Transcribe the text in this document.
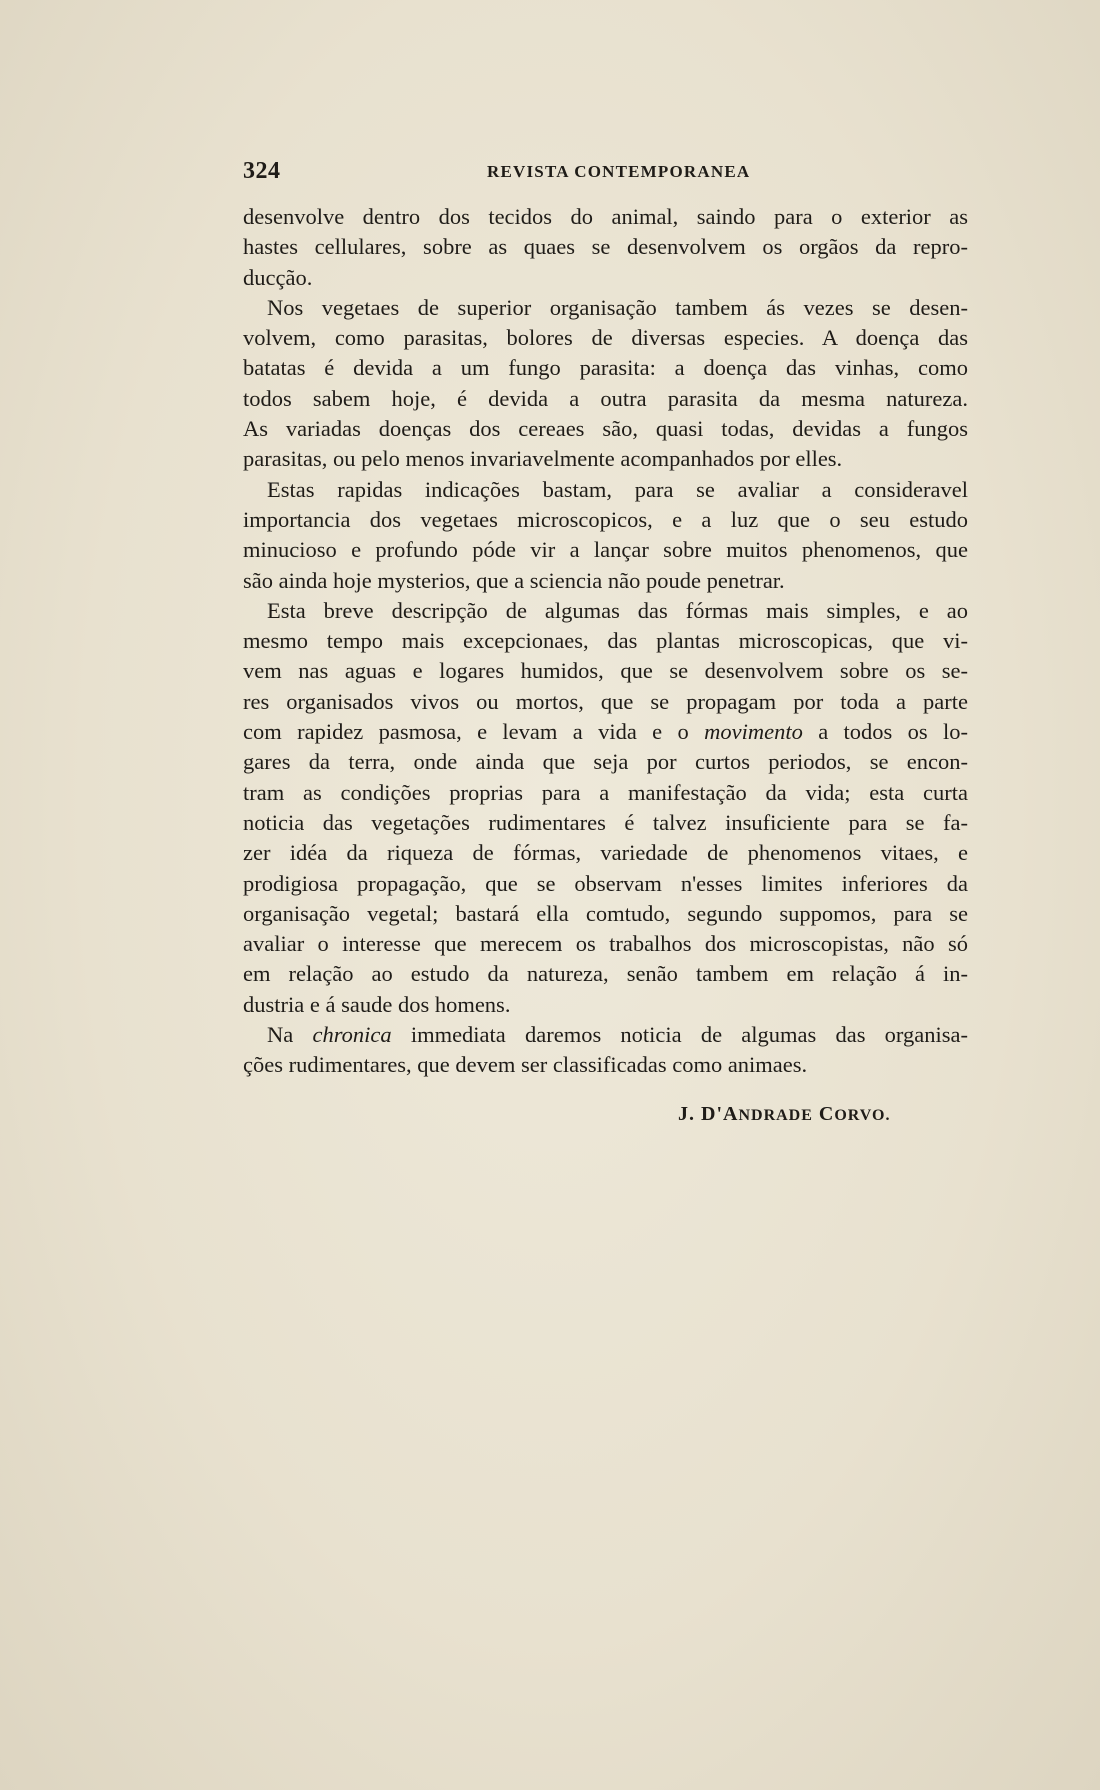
324	REVISTA CONTEMPORANEA
desenvolve dentro dos tecidos do animal, saindo para o exterior as
hastes cellulares, sobre as quaes se desenvolvem os orgãos da repro-
ducção.
Nos vegetaes de superior organisação tambem ás vezes se desen-
volvem, como parasitas, bolores de diversas especies. A doença das
batatas é devida a um fungo parasita: a doença das vinhas, como
todos sabem hoje, é devida a outra parasita da mesma natureza.
As variadas doenças dos cereaes são, quasi todas, devidas a fungos
parasitas, ou pelo menos invariavelmente acompanhados por elles.
Estas rapidas indicações bastam, para se avaliar a consideravel
importancia dos vegetaes microscopicos, e a luz que o seu estudo
minucioso e profundo póde vir a lançar sobre muitos phenomenos, que
são ainda hoje mysterios, que a sciencia não poude penetrar.
Esta breve descripção de algumas das fórmas mais simples, e ao
mesmo tempo mais excepcionaes, das plantas microscopicas, que vi-
vem nas aguas e logares humidos, que se desenvolvem sobre os se-
res organisados vivos ou mortos, que se propagam por toda a parte
com rapidez pasmosa, e levam a vida e o movimento a todos os lo-
gares da terra, onde ainda que seja por curtos periodos, se encon-
tram as condições proprias para a manifestação da vida; esta curta
noticia das vegetações rudimentares é talvez insuficiente para se fa-
zer idéa da riqueza de fórmas, variedade de phenomenos vitaes, e
prodigiosa propagação, que se observam n'esses limites inferiores da
organisação vegetal; bastará ella comtudo, segundo suppomos, para se
avaliar o interesse que merecem os trabalhos dos microscopistas, não só
em relação ao estudo da natureza, senão tambem em relação á in-
dustria e á saude dos homens.
Na chronica immediata daremos noticia de algumas das organisa-
ções rudimentares, que devem ser classificadas como animaes.
J. D'ANDRADE CORVO.
